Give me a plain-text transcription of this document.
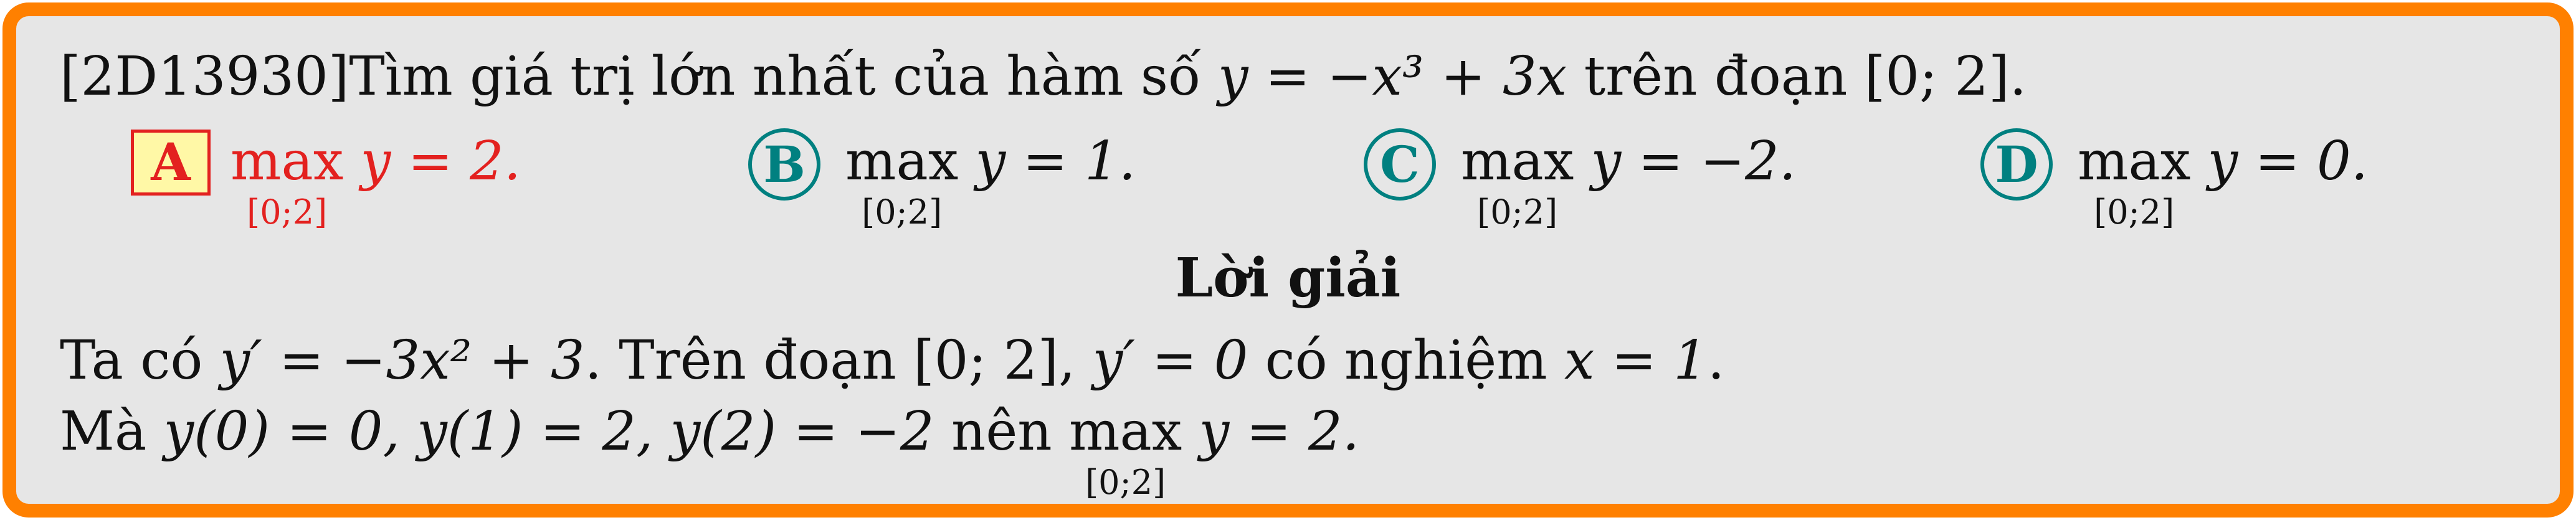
[2D13930]Tìm giá trị lớn nhất của hàm số y = −x³ + 3x trên đoạn [0; 2].
A max
[0;2]
y = 2.	B max
[0;2]
y = 1.	C max
[0;2]
y = −2.	D max
[0;2]
y = 0.
Lời giải
Ta có y′ = −3x² + 3. Trên đoạn [0; 2], y′ = 0 có nghiệm x = 1.
Mà y(0) = 0, y(1) = 2, y(2) = −2 nên max
[0;2]
y = 2.
